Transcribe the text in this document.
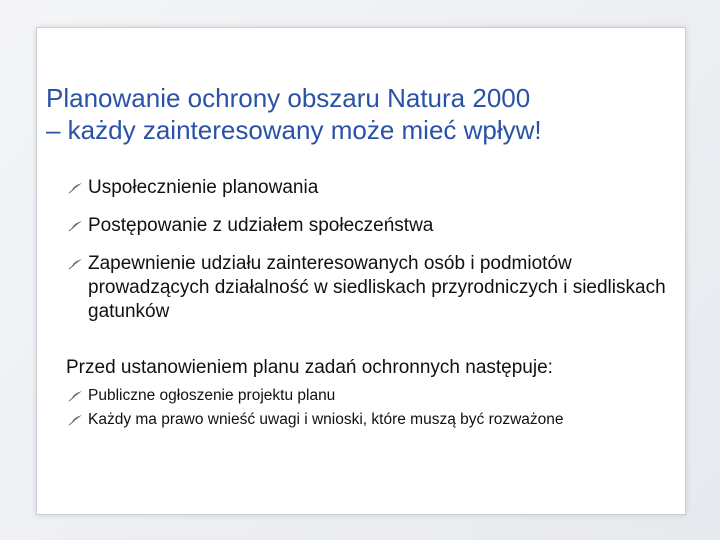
Planowanie ochrony obszaru Natura 2000
– każdy zainteresowany może mieć wpływ!
Uspołecznienie planowania
Postępowanie z udziałem społeczeństwa
Zapewnienie udziału zainteresowanych osób i podmiotów prowadzących działalność w siedliskach przyrodniczych i siedliskach gatunków

Przed ustanowieniem planu zadań ochronnych następuje:

Publiczne ogłoszenie projektu planu
Każdy ma prawo wnieść uwagi i wnioski, które muszą być rozważone
